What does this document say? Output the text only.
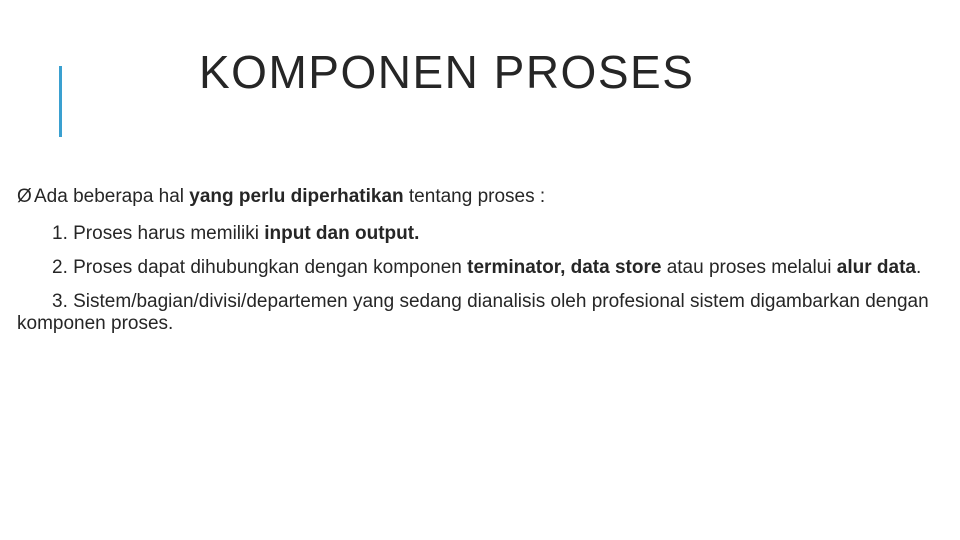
KOMPONEN PROSES

Ø Ada beberapa hal yang perlu diperhatikan tentang proses :

1. Proses harus memiliki input dan output.

2. Proses dapat dihubungkan dengan komponen terminator, data store atau proses melalui alur data.

3. Sistem/bagian/divisi/departemen yang sedang dianalisis oleh profesional sistem digambarkan dengan komponen proses.
